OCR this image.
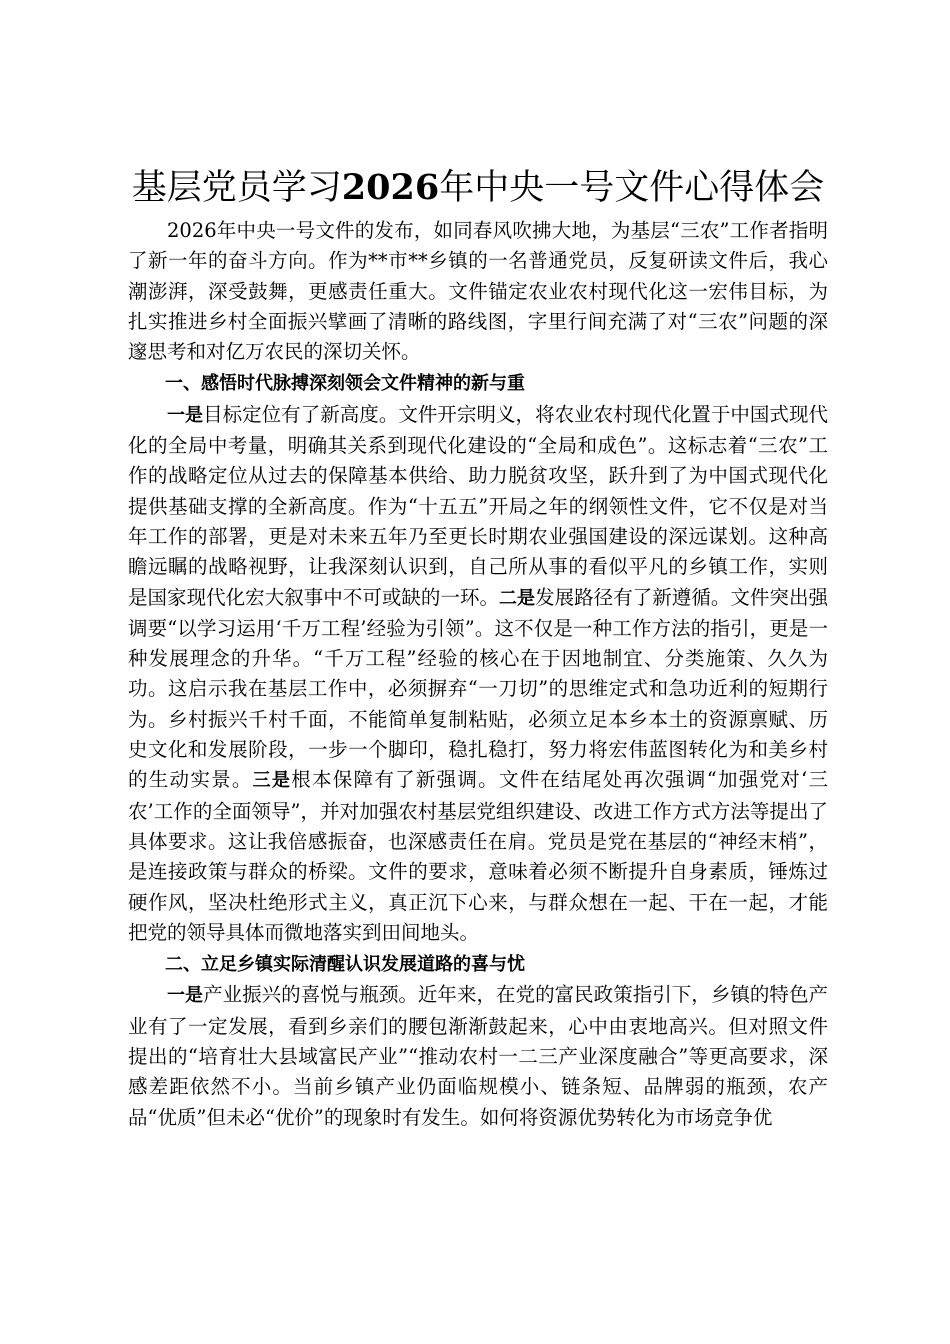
基层党员学习2026年中央一号文件心得体会

2026年中央一号文件的发布，如同春风吹拂大地，为基层“三农”工作者指明了新一年的奋斗方向。作为**市**乡镇的一名普通党员，反复研读文件后，我心潮澎湃，深受鼓舞，更感责任重大。文件锚定农业农村现代化这一宏伟目标，为扎实推进乡村全面振兴擘画了清晰的路线图，字里行间充满了对“三农”问题的深邃思考和对亿万农民的深切关怀。

一、感悟时代脉搏深刻领会文件精神的新与重

一是目标定位有了新高度。文件开宗明义，将农业农村现代化置于中国式现代化的全局中考量，明确其关系到现代化建设的“全局和成色”。这标志着“三农”工作的战略定位从过去的保障基本供给、助力脱贫攻坚，跃升到了为中国式现代化提供基础支撑的全新高度。作为“十五五”开局之年的纲领性文件，它不仅是对当年工作的部署，更是对未来五年乃至更长时期农业强国建设的深远谋划。这种高瞻远瞩的战略视野，让我深刻认识到，自己所从事的看似平凡的乡镇工作，实则是国家现代化宏大叙事中不可或缺的一环。二是发展路径有了新遵循。文件突出强调要“以学习运用‘千万工程’经验为引领”。这不仅是一种工作方法的指引，更是一种发展理念的升华。“千万工程”经验的核心在于因地制宜、分类施策、久久为功。这启示我在基层工作中，必须摒弃“一刀切”的思维定式和急功近利的短期行为。乡村振兴千村千面，不能简单复制粘贴，必须立足本乡本土的资源禀赋、历史文化和发展阶段，一步一个脚印，稳扎稳打，努力将宏伟蓝图转化为和美乡村的生动实景。三是根本保障有了新强调。文件在结尾处再次强调“加强党对‘三农’工作的全面领导”，并对加强农村基层党组织建设、改进工作方式方法等提出了具体要求。这让我倍感振奋，也深感责任在肩。党员是党在基层的“神经末梢”，是连接政策与群众的桥梁。文件的要求，意味着必须不断提升自身素质，锤炼过硬作风，坚决杜绝形式主义，真正沉下心来，与群众想在一起、干在一起，才能把党的领导具体而微地落实到田间地头。

二、立足乡镇实际清醒认识发展道路的喜与忧

一是产业振兴的喜悦与瓶颈。近年来，在党的富民政策指引下，乡镇的特色产业有了一定发展，看到乡亲们的腰包渐渐鼓起来，心中由衷地高兴。但对照文件提出的“培育壮大县域富民产业”“推动农村一二三产业深度融合”等更高要求，深感差距依然不小。当前乡镇产业仍面临规模小、链条短、品牌弱的瓶颈，农产品“优质”但未必“优价”的现象时有发生。如何将资源优势转化为市场竞争优
